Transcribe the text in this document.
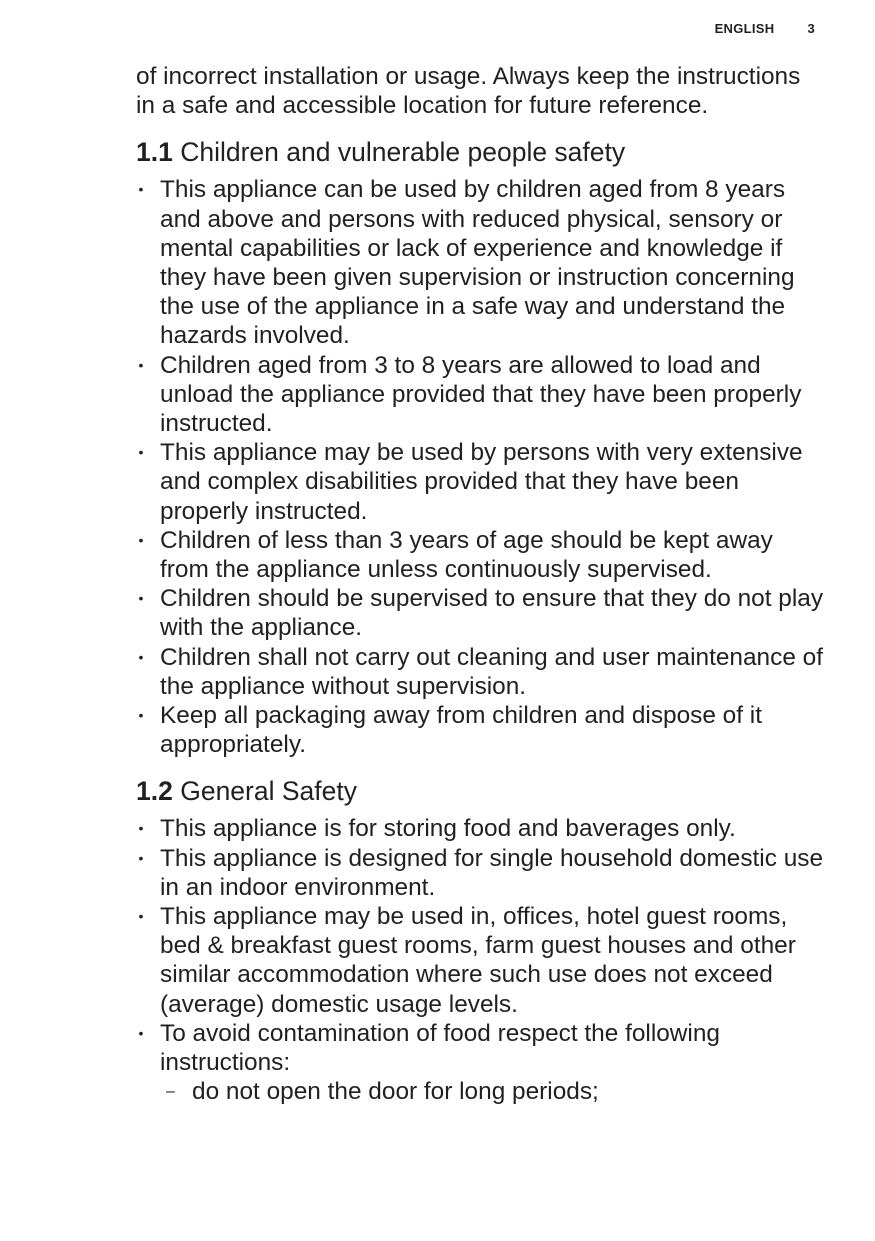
ENGLISH	3

of incorrect installation or usage. Always keep the instructions in a safe and accessible location for future reference.

1.1 Children and vulnerable people safety
• This appliance can be used by children aged from 8 years and above and persons with reduced physical, sensory or mental capabilities or lack of experience and knowledge if they have been given supervision or instruction concerning the use of the appliance in a safe way and understand the hazards involved.
• Children aged from 3 to 8 years are allowed to load and unload the appliance provided that they have been properly instructed.
• This appliance may be used by persons with very extensive and complex disabilities provided that they have been properly instructed.
• Children of less than 3 years of age should be kept away from the appliance unless continuously supervised.
• Children should be supervised to ensure that they do not play with the appliance.
• Children shall not carry out cleaning and user maintenance of the appliance without supervision.
• Keep all packaging away from children and dispose of it appropriately.
1.2 General Safety
• This appliance is for storing food and baverages only.
• This appliance is designed for single household domestic use in an indoor environment.
• This appliance may be used in, offices, hotel guest rooms, bed & breakfast guest rooms, farm guest houses and other similar accommodation where such use does not exceed (average) domestic usage levels.
• To avoid contamination of food respect the following instructions:
– do not open the door for long periods;
